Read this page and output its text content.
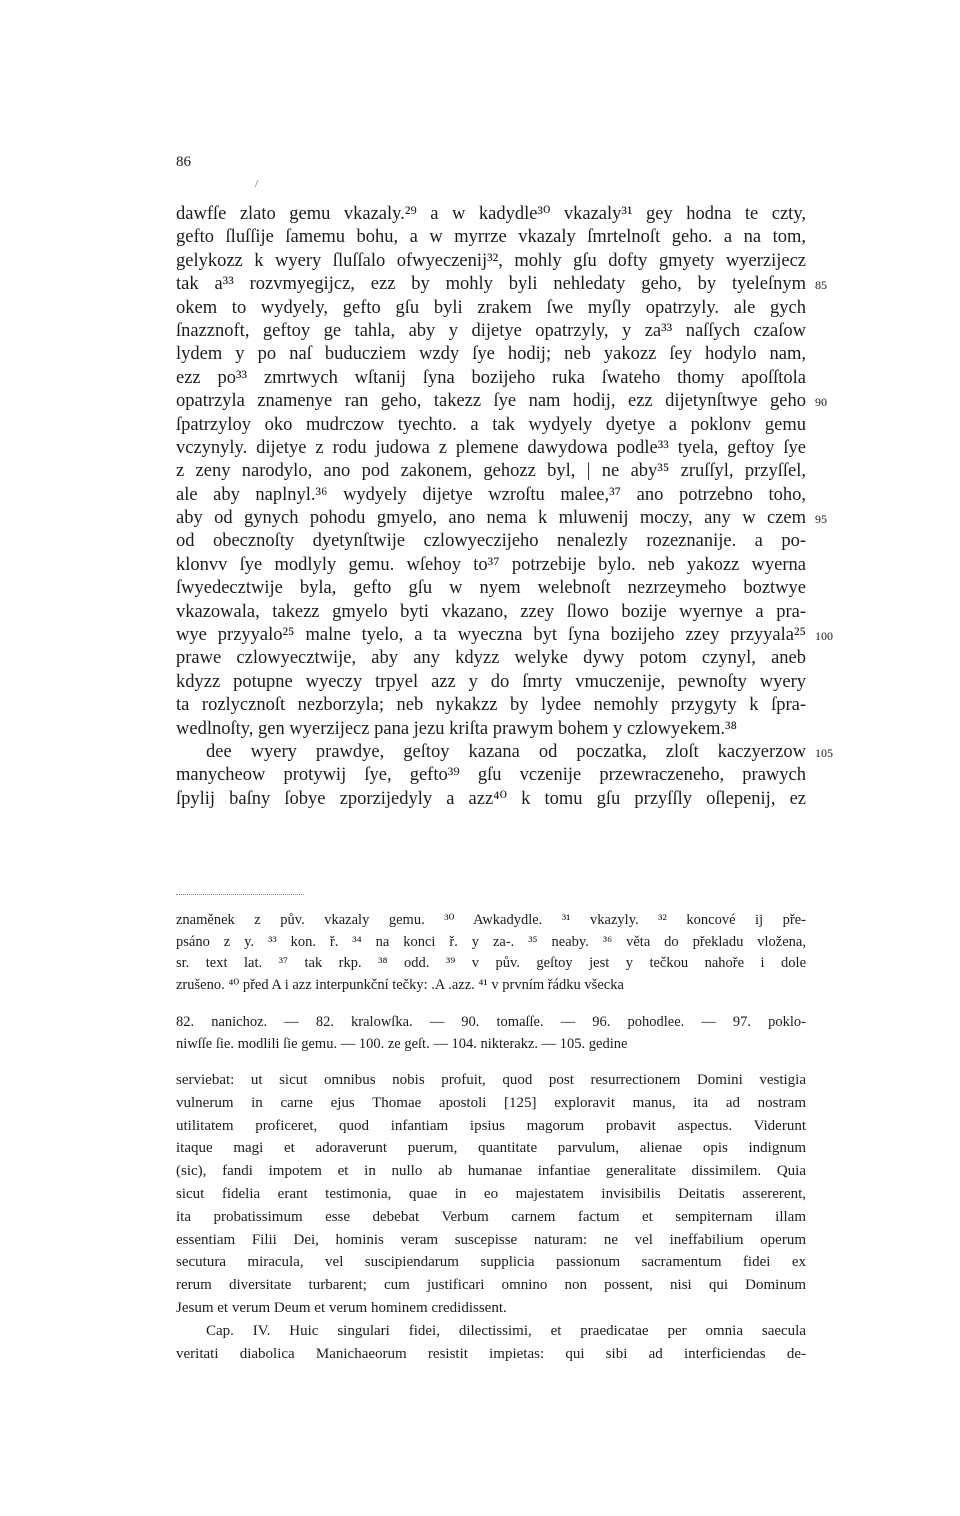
86
/
dawfſe zlato gemu vkazaly.²⁹ a w kadydle³⁰ vkazaly³¹ gey hodna te czty,
gefto ſluſſije ſamemu bohu, a w myrrze vkazaly ſmrtelnoſt geho. a na tom,
gelykozz k wyery ſluſſalo ofwyeczenij³², mohly gſu dofty gmyety wyerzijecz
tak a³³ rozvmyegijcz, ezz by mohly byli nehledaty geho, by tyeleſnym
okem to wydyely, gefto gſu byli zrakem ſwe myſly opatrzyly. ale gych
ſnazznoft, geftoy ge tahla, aby y dijetye opatrzyly, y za³³ naſſych czaſow
lydem y po naſ buducziem wzdy ſye hodij; neb yakozz ſey hodylo nam,
ezz po³³ zmrtwych wſtanij ſyna bozijeho ruka ſwateho thomy apoſſtola
opatrzyla znamenye ran geho, takezz ſye nam hodij, ezz dijetynſtwye geho
ſpatrzyloy oko mudrczow tyechto. a tak wydyely dyetye a poklonv gemu
vczynyly. dijetye z rodu judowa z plemene dawydowa podle³³ tyela, geftoy ſye
z zeny narodylo, ano pod zakonem, gehozz byl, | ne aby³⁵ zruſſyl, przyſſel,
ale aby naplnyl.³⁶ wydyely dijetye wzroſtu malee,³⁷ ano potrzebno toho,
aby od gynych pohodu gmyelo, ano nema k mluwenij moczy, any w czem
od obecznoſty dyetynſtwije czlowyeczijeho nenalezly rozeznanije. a po-
klonvv ſye modlyly gemu. wſehoy to³⁷ potrzebije bylo. neb yakozz wyerna
ſwyedecztwije byla, gefto gſu w nyem welebnoſt nezrzeymeho boztwye
vkazowala, takezz gmyelo byti vkazano, zzey ſlowo bozije wyernye a pra-
wye przyyalo²⁵ malne tyelo, a ta wyeczna byt ſyna bozijeho zzey przyyala²⁵
prawe czlowyecztwije, aby any kdyzz welyke dywy potom czynyl, aneb
kdyzz potupne wyeczy trpyel azz y do ſmrty vmuczenije, pewnoſty wyery
ta rozlycznoſt nezborzyla; neb nykakzz by lydee nemohly przygyty k ſpra-
wedlnoſty, gen wyerzijecz pana jezu kriſta prawym bohem y czlowyekem.³⁸
dee wyery prawdye, geſtoy kazana od poczatka, zloſt kaczyerzow
manycheow protywij ſye, gefto³⁹ gſu vczenije przewraczeneho, prawych
ſpylij baſny ſobye zporzijedyly a azz⁴⁰ k tomu gſu przyſſly oſlepenij, ez
85
90
95
100
105
znaměnek z pův. vkazaly gemu. ³⁰ Awkadydle. ³¹ vkazyly. ³² koncové ij pře-
psáno z y. ³³ kon. ř. ³⁴ na konci ř. y za-. ³⁵ neaby. ³⁶ věta do překladu vložena,
sr. text lat. ³⁷ tak rkp. ³⁸ odd. ³⁹ v pův. geſtoy jest y tečkou nahoře i dole
zrušeno. ⁴⁰ před A i azz interpunkční tečky: .A .azz. ⁴¹ v prvním řádku všecka
82. nanichoz. — 82. kralowſka. — 90. tomaſſe. — 96. pohodlee. — 97. poklo-
niwſſe ſie. modlili ſie gemu. — 100. ze geſt. — 104. nikterakz. — 105. gedine
serviebat: ut sicut omnibus nobis profuit, quod post resurrectionem Domini vestigia
vulnerum in carne ejus Thomae apostoli [125] exploravit manus, ita ad nostram
utilitatem proficeret, quod infantiam ipsius magorum probavit aspectus. Viderunt
itaque magi et adoraverunt puerum, quantitate parvulum, alienae opis indignum
(sic), fandi impotem et in nullo ab humanae infantiae generalitate dissimilem. Quia
sicut fidelia erant testimonia, quae in eo majestatem invisibilis Deitatis assererent,
ita probatissimum esse debebat Verbum carnem factum et sempiternam illam
essentiam Filii Dei, hominis veram suscepisse naturam: ne vel ineffabilium operum
secutura miracula, vel suscipiendarum supplicia passionum sacramentum fidei ex
rerum diversitate turbarent; cum justificari omnino non possent, nisi qui Dominum
Jesum et verum Deum et verum hominem credidissent.
Cap. IV. Huic singulari fidei, dilectissimi, et praedicatae per omnia saecula
veritati diabolica Manichaeorum resistit impietas: qui sibi ad interficiendas de-
